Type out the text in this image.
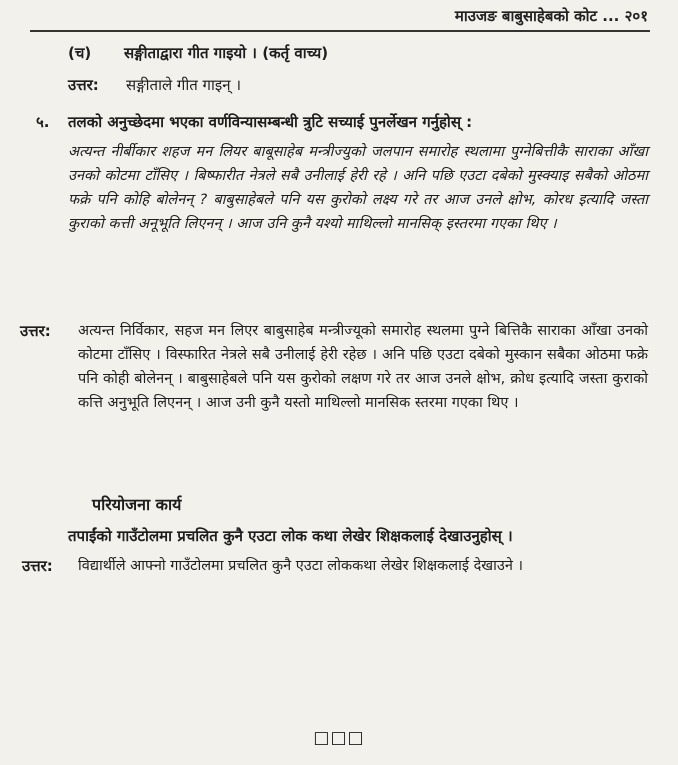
माउजङ बाबुसाहेबको कोट ... २०१
(च) सङ्गीताद्वारा गीत गाइयो । (कर्तृ वाच्य)
उत्तर: सङ्गीताले गीत गाइन् ।
५. तलको अनुच्छेदमा भएका वर्णविन्यासम्बन्धी त्रुटि सच्याई पुनर्लेखन गर्नुहोस् :
अत्यन्त नीर्बीकार शहज मन लियर बाबूसाहेब मन्त्रीज्युको जलपान समारोह स्थलामा पुग्नेबित्तीकै साराका आँखा उनको कोटमा टाँसिए । बिष्फारीत नेत्रले सबै उनीलाई हेरी रहे । अनि पछि एउटा दबेको मुस्क्याइ सबैको ओठमा फक्रे पनि कोहि बोलेनन् ? बाबुसाहेबले पनि यस कुरोको लक्ष्य गरे तर आज उनले क्षोभ, कोरध इत्यादि जस्ता कुराको कत्ती अनूभूति लिएनन् । आज उनि कुनै यश्यो माथिल्लो मानसिक् इस्तरमा गएका थिए ।
उत्तर: अत्यन्त निर्विकार, सहज मन लिएर बाबुसाहेब मन्त्रीज्यूको समारोह स्थलमा पुग्ने बित्तिकै साराका आँखा उनको कोटमा टाँसिए । विस्फारित नेत्रले सबै उनीलाई हेरी रहेछ । अनि पछि एउटा दबेको मुस्कान सबैका ओठमा फक्रे पनि कोही बोलेनन् । बाबुसाहेबले पनि यस कुरोको लक्षण गरे तर आज उनले क्षोभ, क्रोध इत्यादि जस्ता कुराको कत्ति अनुभूति लिएनन् । आज उनी कुनै यस्तो माथिल्लो मानसिक स्तरमा गएका थिए ।
परियोजना कार्य
तपाईंको गाउँटोलमा प्रचलित कुनै एउटा लोक कथा लेखेर शिक्षकलाई देखाउनुहोस् ।
उत्तर: विद्यार्थीले आफ्नो गाउँटोलमा प्रचलित कुनै एउटा लोककथा लेखेर शिक्षकलाई देखाउने ।
□□□
